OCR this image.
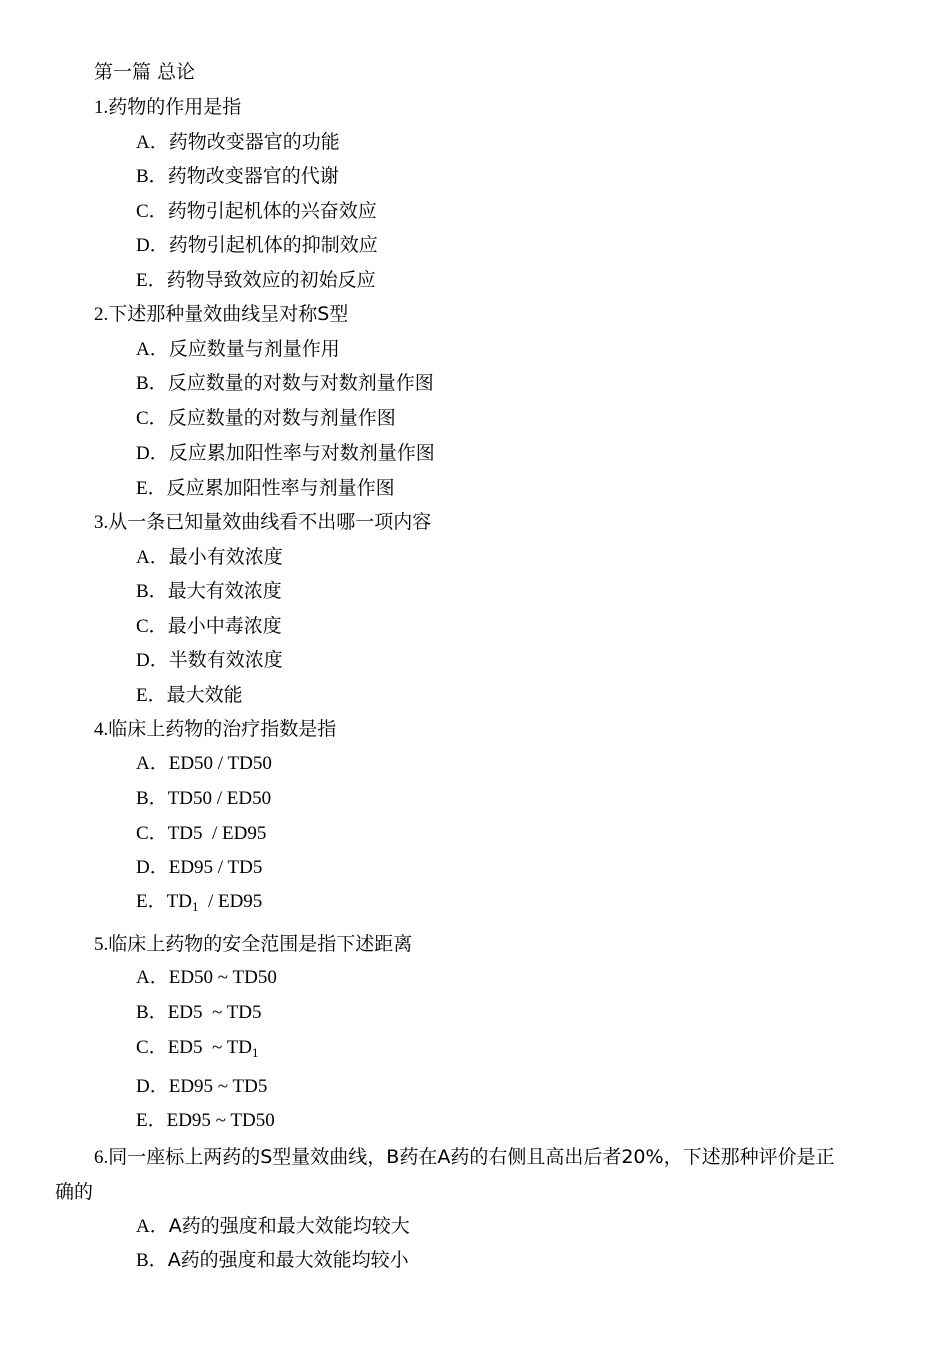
第一篇 总论

1.药物的作用是指

A．药物改变器官的功能

B．药物改变器官的代谢

C．药物引起机体的兴奋效应

D．药物引起机体的抑制效应

E．药物导致效应的初始反应

2.下述那种量效曲线呈对称S型

A．反应数量与剂量作用

B．反应数量的对数与对数剂量作图

C．反应数量的对数与剂量作图

D．反应累加阳性率与对数剂量作图

E．反应累加阳性率与剂量作图

3.从一条已知量效曲线看不出哪一项内容

A．最小有效浓度

B．最大有效浓度

C．最小中毒浓度

D．半数有效浓度

E．最大效能

4.临床上药物的治疗指数是指

A．ED50 / TD50

B．TD50 / ED50

C．TD5  / ED95

D．ED95 / TD5

E．$TD_1 / ED95$

5.临床上药物的安全范围是指下述距离

A．ED50 ~ TD50

B．ED5  ~ TD5

C．ED5  ~ $TD_1$

D．ED95 ~ TD5

E．ED95 ~ TD50

6.同一座标上两药的S型量效曲线，B药在A药的右侧且高出后者20%，下述那种评价是正

确的

A．A药的强度和最大效能均较大

B．A药的强度和最大效能均较小
